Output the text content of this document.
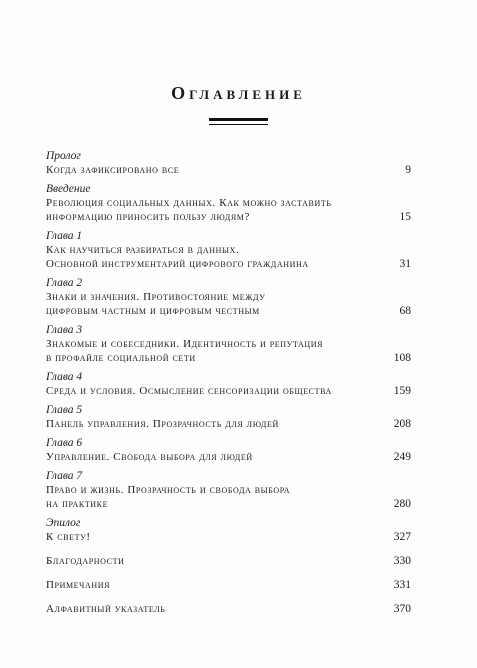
Оглавление
Пролог
Когда зафиксировано все	9
Введение
Революция социальных данных. Как можно заставить
информацию приносить пользу людям?	15
Глава 1
Как научиться разбираться в данных.
Основной инструментарий цифрового гражданина	31
Глава 2
Знаки и значения. Противостояние между
цифровым частным и цифровым честным	68
Глава 3
Знакомые и собеседники. Идентичность и репутация
в профайле социальной сети	108
Глава 4
Среда и условия. Осмысление сенсоризации общества	159
Глава 5
Панель управления. Прозрачность для людей	208
Глава 6
Управление. Свобода выбора для людей	249
Глава 7
Право и жизнь. Прозрачность и свобода выбора
на практике	280
Эпилог
К свету!	327
Благодарности	330
Примечания	331
Алфавитный указатель	370
